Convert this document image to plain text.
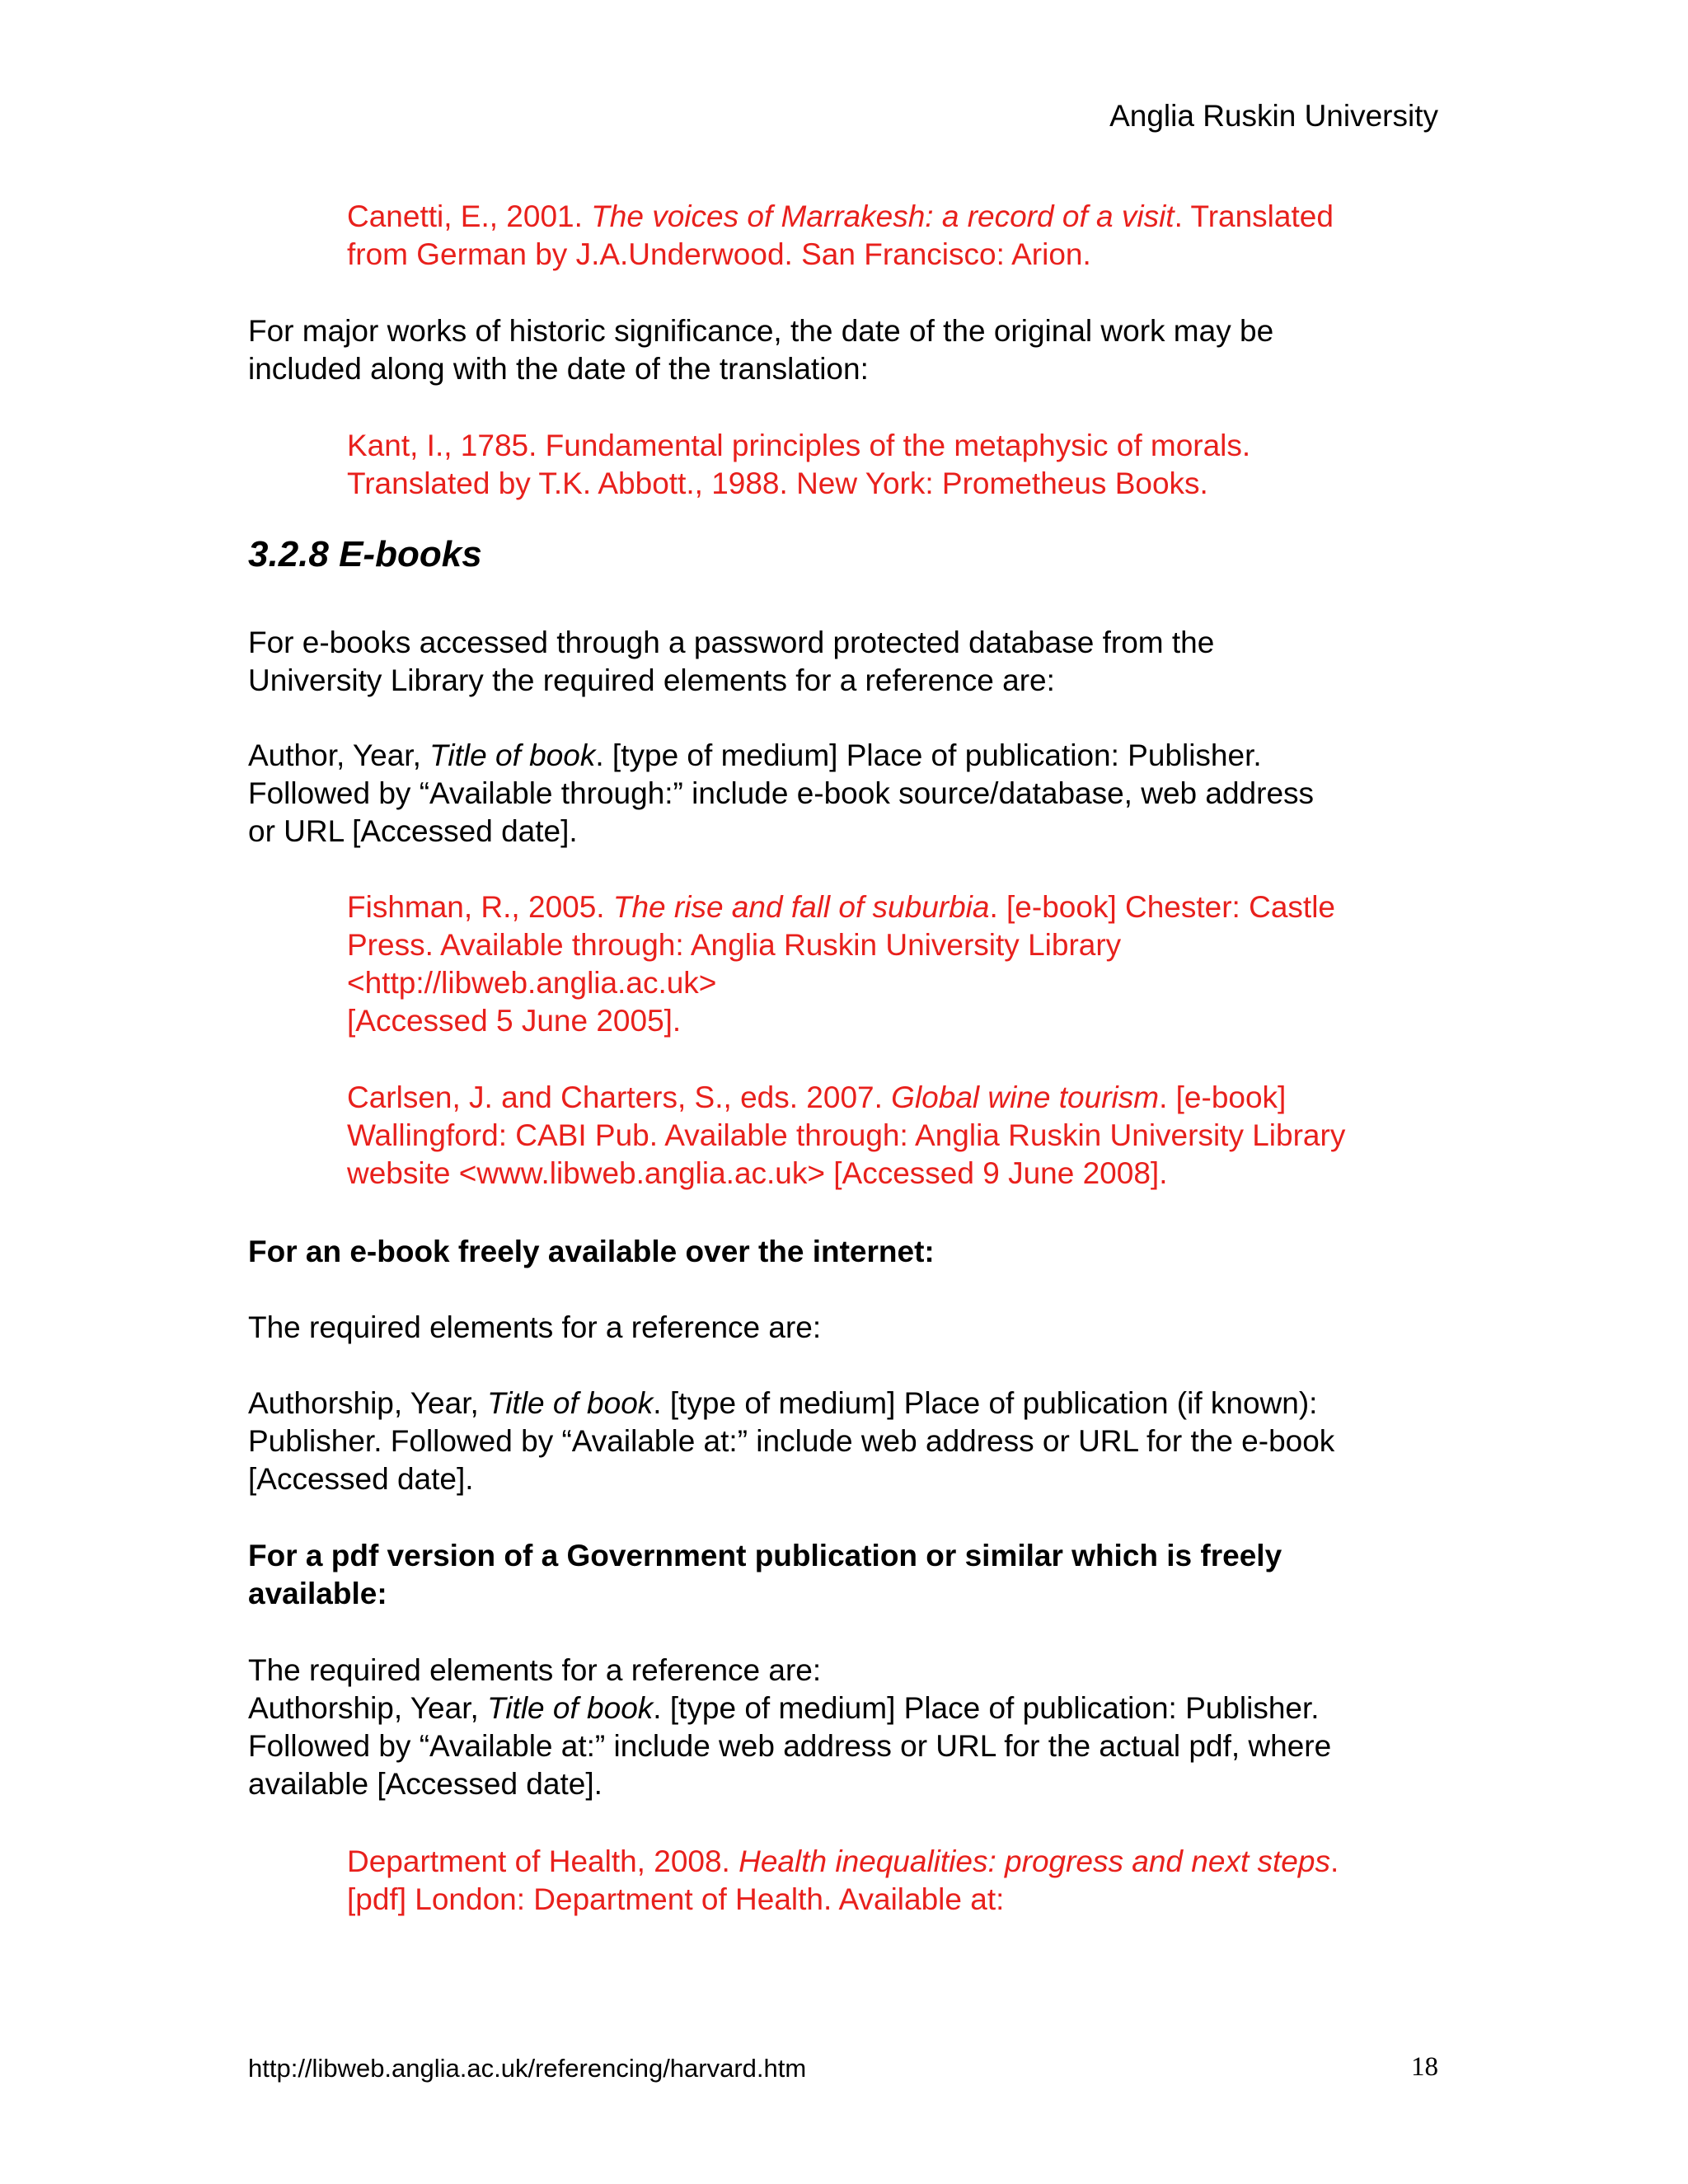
Anglia Ruskin University

Canetti, E., 2001. The voices of Marrakesh: a record of a visit. Translated
from German by J.A.Underwood. San Francisco: Arion.

For major works of historic significance, the date of the original work may be
included along with the date of the translation:

Kant, I., 1785. Fundamental principles of the metaphysic of morals.
Translated by T.K. Abbott., 1988. New York: Prometheus Books.

3.2.8 E-books

For e-books accessed through a password protected database from the
University Library the required elements for a reference are:

Author, Year, Title of book. [type of medium] Place of publication: Publisher.
Followed by “Available through:” include e-book source/database, web address
or URL [Accessed date].

Fishman, R., 2005. The rise and fall of suburbia. [e-book] Chester: Castle
Press. Available through: Anglia Ruskin University Library
<http://libweb.anglia.ac.uk>
[Accessed 5 June 2005].

Carlsen, J. and Charters, S., eds. 2007. Global wine tourism. [e-book]
Wallingford: CABI Pub. Available through: Anglia Ruskin University Library
website <www.libweb.anglia.ac.uk> [Accessed 9 June 2008].

For an e-book freely available over the internet:

The required elements for a reference are:

Authorship, Year, Title of book. [type of medium] Place of publication (if known):
Publisher. Followed by “Available at:” include web address or URL for the e-book
[Accessed date].

For a pdf version of a Government publication or similar which is freely
available:

The required elements for a reference are:
Authorship, Year, Title of book. [type of medium] Place of publication: Publisher.
Followed by “Available at:” include web address or URL for the actual pdf, where
available [Accessed date].

Department of Health, 2008. Health inequalities: progress and next steps.
[pdf] London: Department of Health. Available at:

http://libweb.anglia.ac.uk/referencing/harvard.htm	18
